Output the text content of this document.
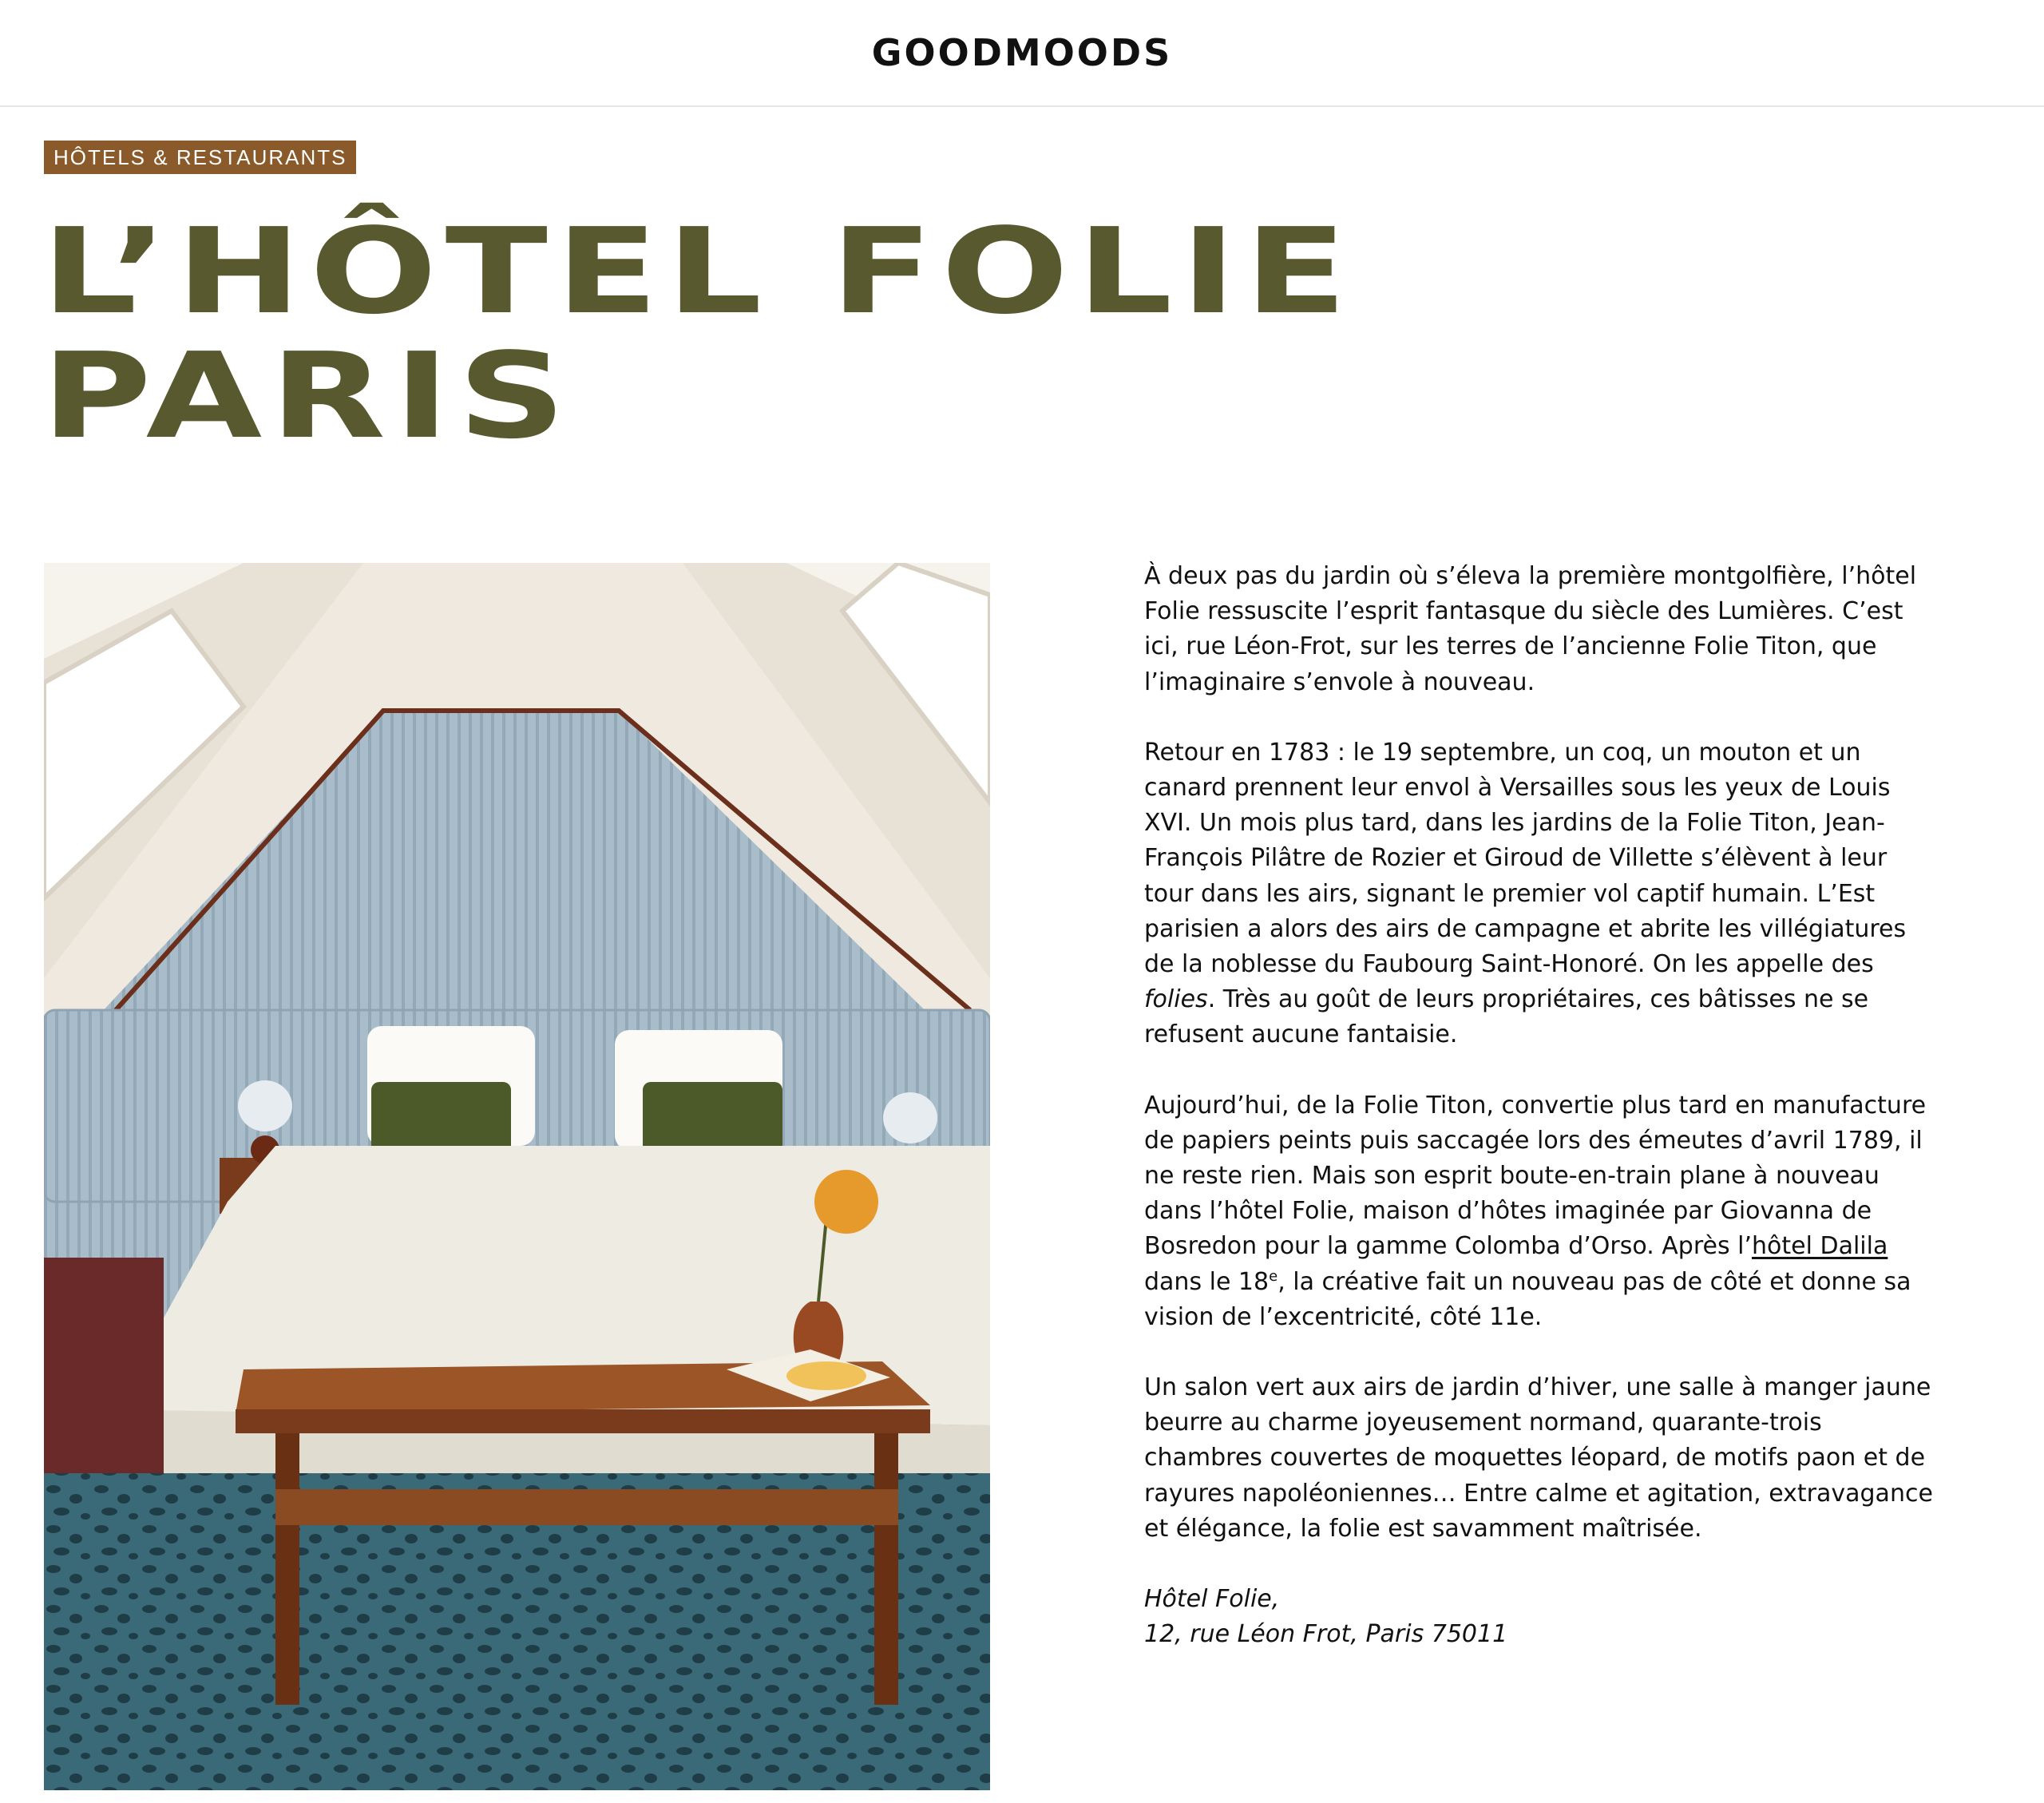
GOODMOODS
HÔTELS & RESTAURANTS
L’HÔTEL FOLIE
PARIS

À deux pas du jardin où s’éleva la première montgolfière, l’hôtel Folie ressuscite l’esprit fantasque du siècle des Lumières. C’est ici, rue Léon-Frot, sur les terres de l’ancienne Folie Titon, que l’imaginaire s’envole à nouveau.

Retour en 1783 : le 19 septembre, un coq, un mouton et un canard prennent leur envol à Versailles sous les yeux de Louis XVI. Un mois plus tard, dans les jardins de la Folie Titon, Jean-François Pilâtre de Rozier et Giroud de Villette s’élèvent à leur tour dans les airs, signant le premier vol captif humain. L’Est parisien a alors des airs de campagne et abrite les villégiatures de la noblesse du Faubourg Saint-Honoré. On les appelle des folies. Très au goût de leurs propriétaires, ces bâtisses ne se refusent aucune fantaisie.

Aujourd’hui, de la Folie Titon, convertie plus tard en manufacture de papiers peints puis saccagée lors des émeutes d’avril 1789, il ne reste rien. Mais son esprit boute-en-train plane à nouveau dans l’hôtel Folie, maison d’hôtes imaginée par Giovanna de Bosredon pour la gamme Colomba d’Orso. Après l’hôtel Dalila dans le 18e, la créative fait un nouveau pas de côté et donne sa vision de l’excentricité, côté 11e.

Un salon vert aux airs de jardin d’hiver, une salle à manger jaune beurre au charme joyeusement normand, quarante-trois chambres couvertes de moquettes léopard, de motifs paon et de rayures napoléoniennes… Entre calme et agitation, extravagance et élégance, la folie est savamment maîtrisée.

Hôtel Folie,
12, rue Léon Frot, Paris 75011
